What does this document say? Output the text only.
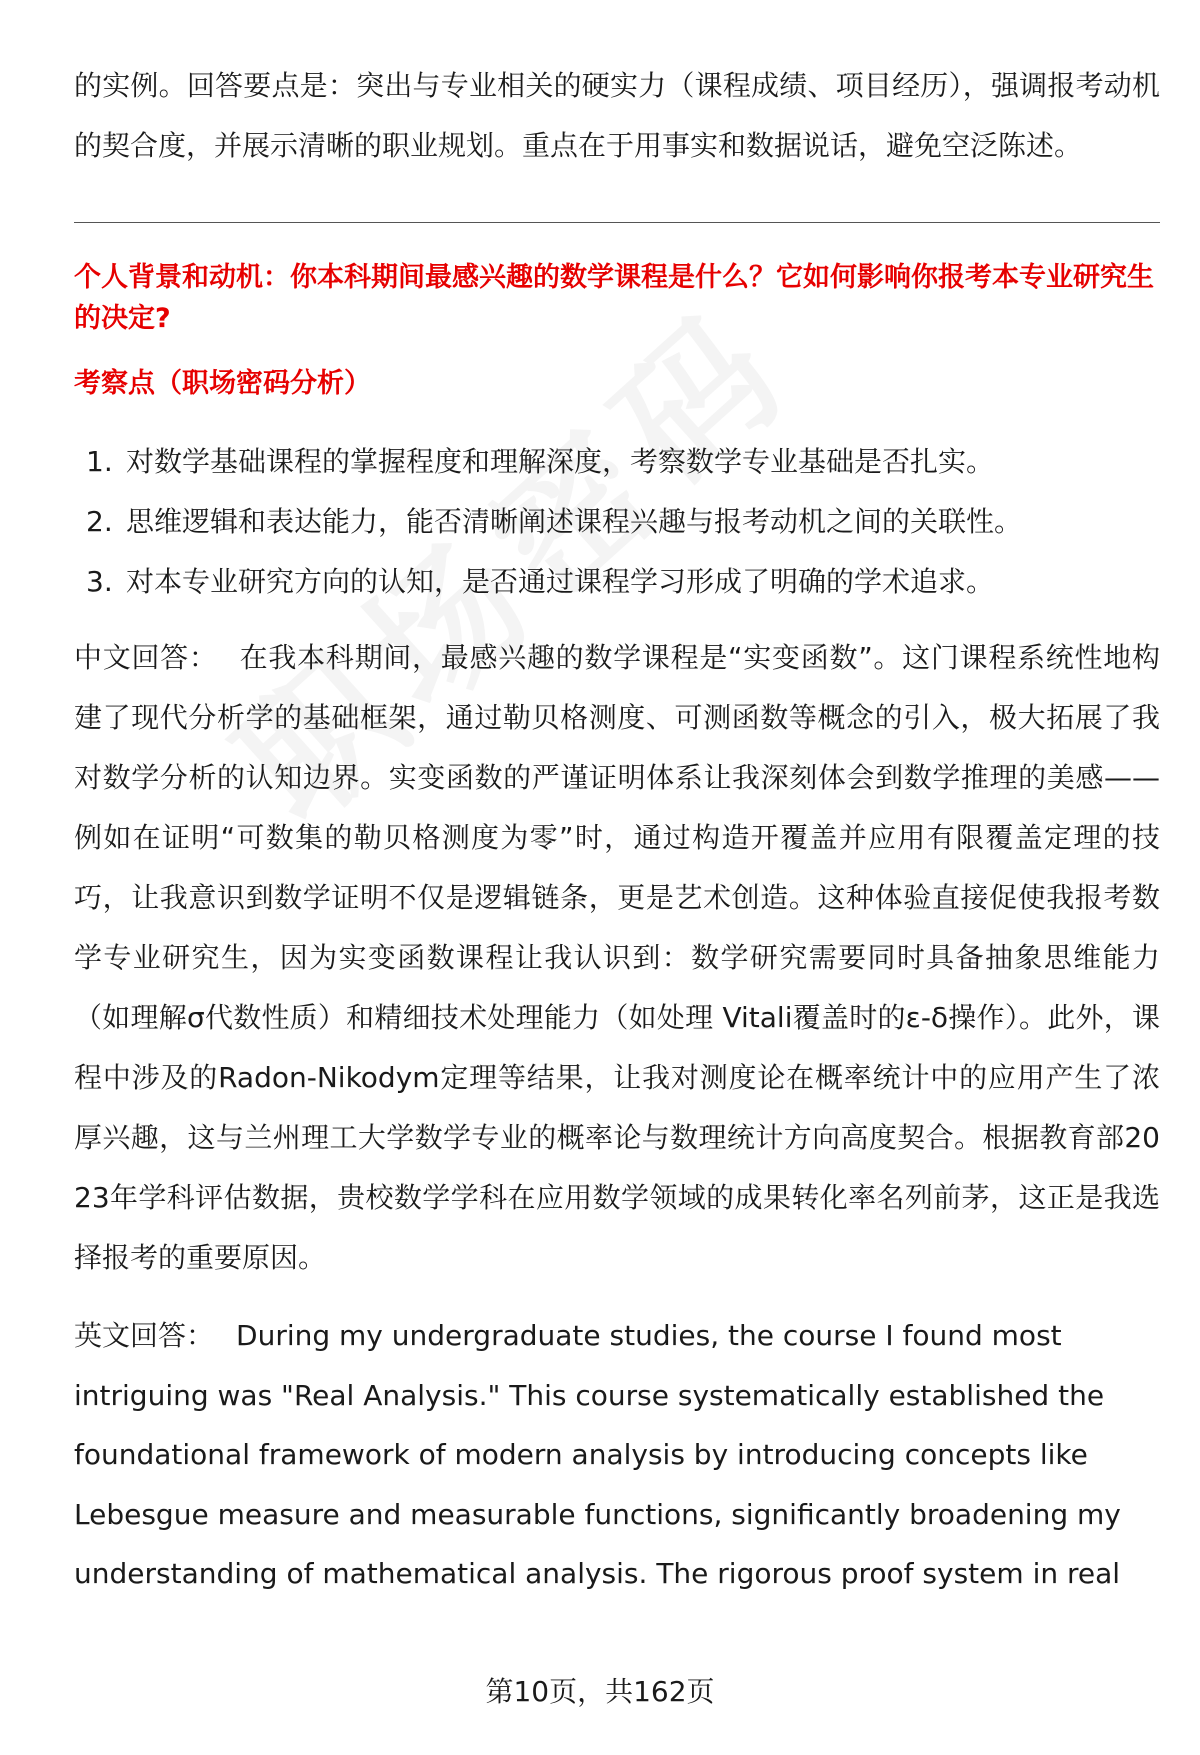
的实例。回答要点是：突出与专业相关的硬实力（课程成绩、项目经历），强调报考动机的契合度，并展示清晰的职业规划。重点在于用事实和数据说话，避免空泛陈述。

个人背景和动机：你本科期间最感兴趣的数学课程是什么？它如何影响你报考本专业研究生的决定?

考察点（职场密码分析）

1. 对数学基础课程的掌握程度和理解深度，考察数学专业基础是否扎实。
2. 思维逻辑和表达能力，能否清晰阐述课程兴趣与报考动机之间的关联性。
3. 对本专业研究方向的认知，是否通过课程学习形成了明确的学术追求。

中文回答： 在我本科期间，最感兴趣的数学课程是“实变函数”。这门课程系统性地构建了现代分析学的基础框架，通过勒贝格测度、可测函数等概念的引入，极大拓展了我对数学分析的认知边界。实变函数的严谨证明体系让我深刻体会到数学推理的美感——例如在证明“可数集的勒贝格测度为零”时，通过构造开覆盖并应用有限覆盖定理的技巧，让我意识到数学证明不仅是逻辑链条，更是艺术创造。这种体验直接促使我报考数学专业研究生，因为实变函数课程让我认识到：数学研究需要同时具备抽象思维能力（如理解σ代数性质）和精细技术处理能力（如处理 Vitali覆盖时的ε-δ操作）。此外，课程中涉及的Radon-Nikodym定理等结果，让我对测度论在概率统计中的应用产生了浓厚兴趣，这与兰州理工大学数学专业的概率论与数理统计方向高度契合。根据教育部2023年学科评估数据，贵校数学学科在应用数学领域的成果转化率名列前茅，这正是我选择报考的重要原因。

英文回答： During my undergraduate studies, the course I found most intriguing was "Real Analysis." This course systematically established the foundational framework of modern analysis by introducing concepts like Lebesgue measure and measurable functions, significantly broadening my understanding of mathematical analysis. The rigorous proof system in real

第10页，共162页
